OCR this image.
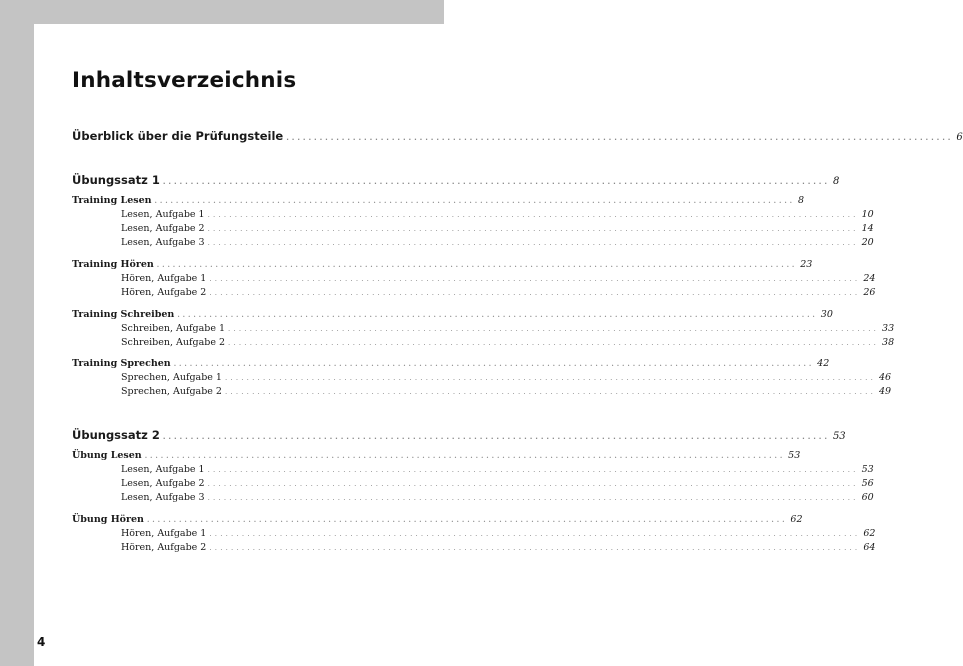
Inhaltsverzeichnis
Überblick über die Prüfungsteile ........................................................................................................................ 6
Übungssatz 1 ........................................................................................................................ 8
Training Lesen ........................................................................................................................ 8
Lesen, Aufgabe 1 ........................................................................................................................ 10
Lesen, Aufgabe 2 ........................................................................................................................ 14
Lesen, Aufgabe 3 ........................................................................................................................ 20
Training Hören ........................................................................................................................ 23
Hören, Aufgabe 1 ........................................................................................................................ 24
Hören, Aufgabe 2 ........................................................................................................................ 26
Training Schreiben ........................................................................................................................ 30
Schreiben, Aufgabe 1 ........................................................................................................................ 33
Schreiben, Aufgabe 2 ........................................................................................................................ 38
Training Sprechen ........................................................................................................................ 42
Sprechen, Aufgabe 1 ........................................................................................................................ 46
Sprechen, Aufgabe 2 ........................................................................................................................ 49
Übungssatz 2 ........................................................................................................................ 53
Übung Lesen ........................................................................................................................ 53
Lesen, Aufgabe 1 ........................................................................................................................ 53
Lesen, Aufgabe 2 ........................................................................................................................ 56
Lesen, Aufgabe 3 ........................................................................................................................ 60
Übung Hören ........................................................................................................................ 62
Hören, Aufgabe 1 ........................................................................................................................ 62
Hören, Aufgabe 2 ........................................................................................................................ 64
4
